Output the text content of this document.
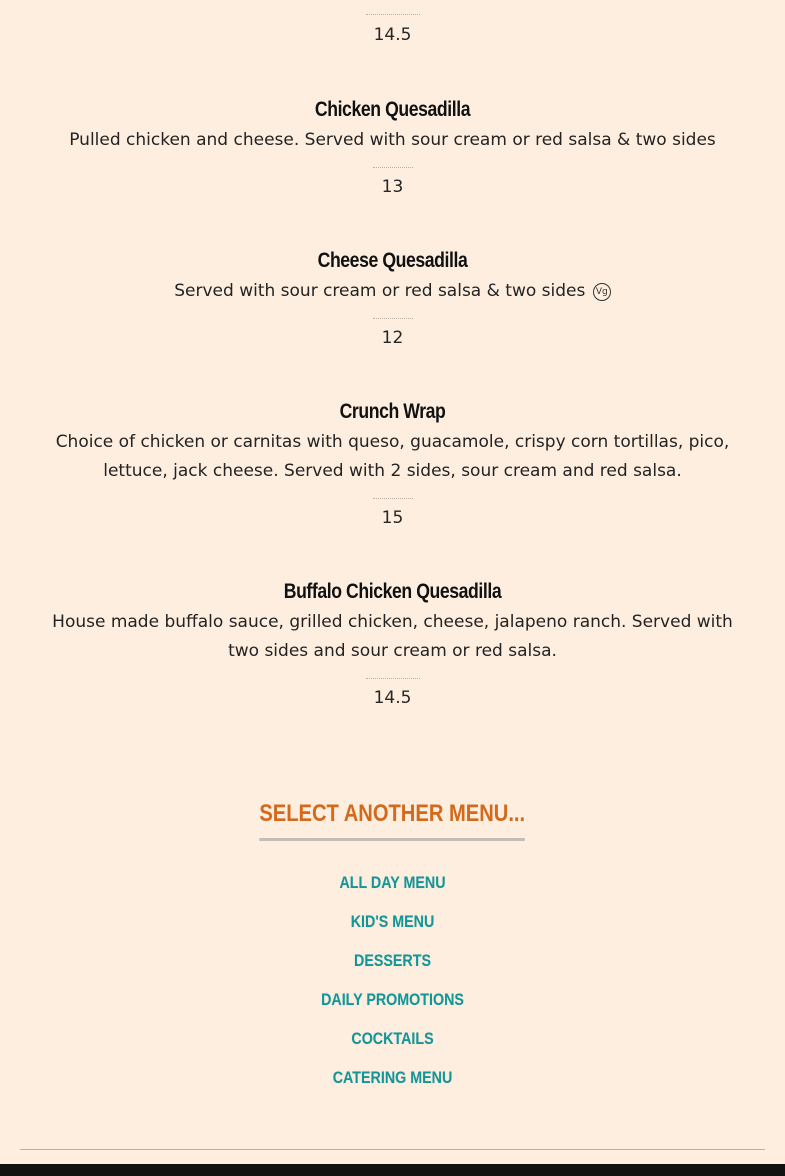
14.5
Chicken Quesadilla
Pulled chicken and cheese. Served with sour cream or red salsa & two sides
13
Cheese Quesadilla
Served with sour cream or red salsa & two sides Vg
12
Crunch Wrap
Choice of chicken or carnitas with queso, guacamole, crispy corn tortillas, pico, lettuce, jack cheese. Served with 2 sides, sour cream and red salsa.
15
Buffalo Chicken Quesadilla
House made buffalo sauce, grilled chicken, cheese, jalapeno ranch. Served with two sides and sour cream or red salsa.
14.5
SELECT ANOTHER MENU...
ALL DAY MENU
KID'S MENU
DESSERTS
DAILY PROMOTIONS
COCKTAILS
CATERING MENU
